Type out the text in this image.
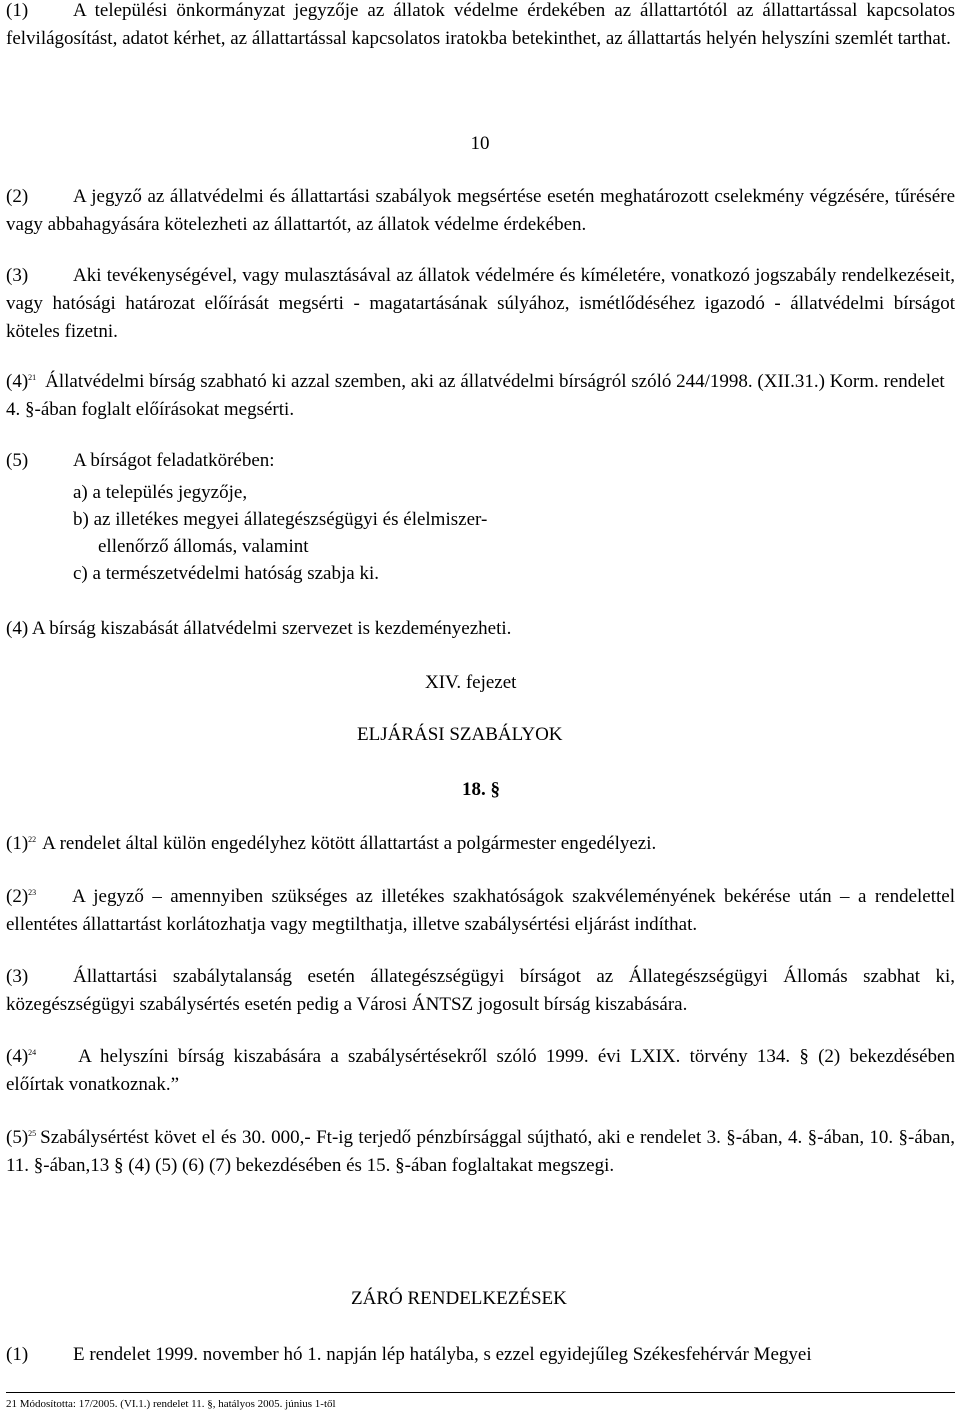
(1) A települési önkormányzat jegyzője az állatok védelme érdekében az állattartótól az állattartással kapcsolatos felvilágosítást, adatot kérhet, az állattartással kapcsolatos iratokba betekinthet, az állattartás helyén helyszíni szemlét tarthat.

10

(2) A jegyző az állatvédelmi és állattartási szabályok megsértése esetén meghatározott cselekmény végzésére, tűrésére vagy abbahagyására kötelezheti az állattartót, az állatok védelme érdekében.

(3) Aki tevékenységével, vagy mulasztásával az állatok védelmére és kíméletére, vonatkozó jogszabály rendelkezéseit, vagy hatósági határozat előírását megsérti - magatartásának súlyához, ismétlődéséhez igazodó - állatvédelmi bírságot köteles fizetni.

(4)$^{21}$ Állatvédelmi bírság szabható ki azzal szemben, aki az állatvédelmi bírságról szóló 244/1998. (XII.31.) Korm. rendelet 4. §-ában foglalt előírásokat megsérti.

(5) A bírságot feladatkörében:

a) a település jegyzője,
b) az illetékes megyei állategészségügyi és élelmiszer-
ellenőrző állomás, valamint
c) a természetvédelmi hatóság szabja ki.

(4) A bírság kiszabását állatvédelmi szervezet is kezdeményezheti.

XIV. fejezet

ELJÁRÁSI SZABÁLYOK

18. §

(1)$^{22}$ A rendelet által külön engedélyhez kötött állattartást a polgármester engedélyezi.

(2)$^{23}$ A jegyző – amennyiben szükséges az illetékes szakhatóságok szakvéleményének bekérése után – a rendelettel ellentétes állattartást korlátozhatja vagy megtilthatja, illetve szabálysértési eljárást indíthat.

(3) Állattartási szabálytalanság esetén állategészségügyi bírságot az Állategészségügyi Állomás szabhat ki, közegészségügyi szabálysértés esetén pedig a Városi ÁNTSZ jogosult bírság kiszabására.

(4)$^{24}$ A helyszíni bírság kiszabására a szabálysértésekről szóló 1999. évi LXIX. törvény 134. § (2) bekezdésében előírtak vonatkoznak.”

(5)$^{25}$ Szabálysértést követ el és 30. 000,- Ft-ig terjedő pénzbírsággal sújtható, aki e rendelet 3. §-ában, 4. §-ában, 10. §-ában, 11. §-ában,13 § (4) (5) (6) (7) bekezdésében és 15. §-ában foglaltakat megszegi.

ZÁRÓ RENDELKEZÉSEK

(1) E rendelet 1999. november hó 1. napján lép hatályba, s ezzel egyidejűleg Székesfehérvár Megyei

21 Módosította: 17/2005. (VI.1.) rendelet 11. §, hatályos 2005. június 1-től
